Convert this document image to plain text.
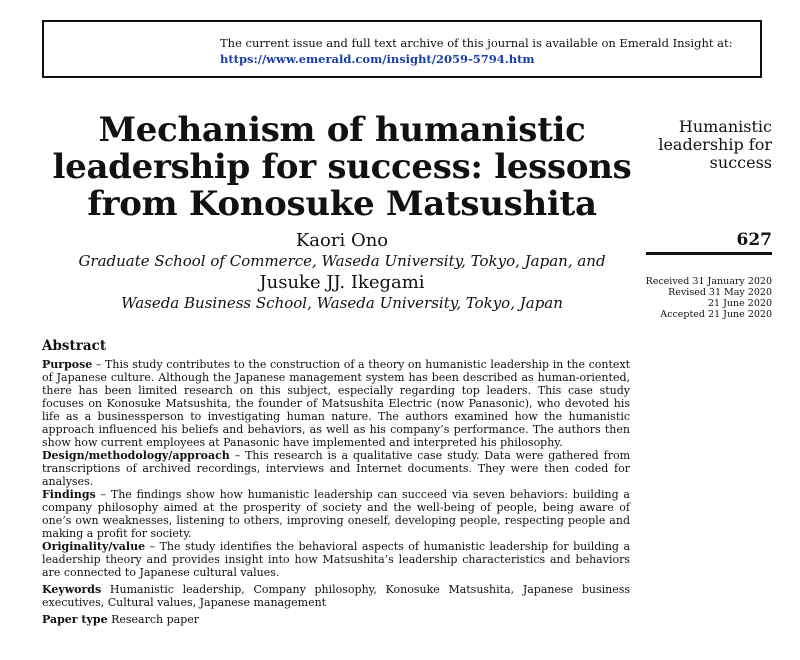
The current issue and full text archive of this journal is available on Emerald Insight at:
https://www.emerald.com/insight/2059-5794.htm
Mechanism of humanistic
leadership for success: lessons
from Konosuke Matsushita
Kaori Ono
Graduate School of Commerce, Waseda University, Tokyo, Japan, and
Jusuke JJ. Ikegami
Waseda Business School, Waseda University, Tokyo, Japan
Humanistic
leadership for
success
627
Received 31 January 2020
Revised 31 May 2020
21 June 2020
Accepted 21 June 2020
Abstract

Purpose – This study contributes to the construction of a theory on humanistic leadership in the context of Japanese culture. Although the Japanese management system has been described as human-oriented, there has been limited research on this subject, especially regarding top leaders. This case study focuses on Konosuke Matsushita, the founder of Matsushita Electric (now Panasonic), who devoted his life as a businessperson to investigating human nature. The authors examined how the humanistic approach influenced his beliefs and behaviors, as well as his company’s performance. The authors then show how current employees at Panasonic have implemented and interpreted his philosophy.

Design/methodology/approach – This research is a qualitative case study. Data were gathered from transcriptions of archived recordings, interviews and Internet documents. They were then coded for analyses.

Findings – The findings show how humanistic leadership can succeed via seven behaviors: building a company philosophy aimed at the prosperity of society and the well-being of people, being aware of one’s own weaknesses, listening to others, improving oneself, developing people, respecting people and making a profit for society.

Originality/value – The study identifies the behavioral aspects of humanistic leadership for building a leadership theory and provides insight into how Matsushita’s leadership characteristics and behaviors are connected to Japanese cultural values.

Keywords Humanistic leadership, Company philosophy, Konosuke Matsushita, Japanese business executives, Cultural values, Japanese management

Paper type Research paper
